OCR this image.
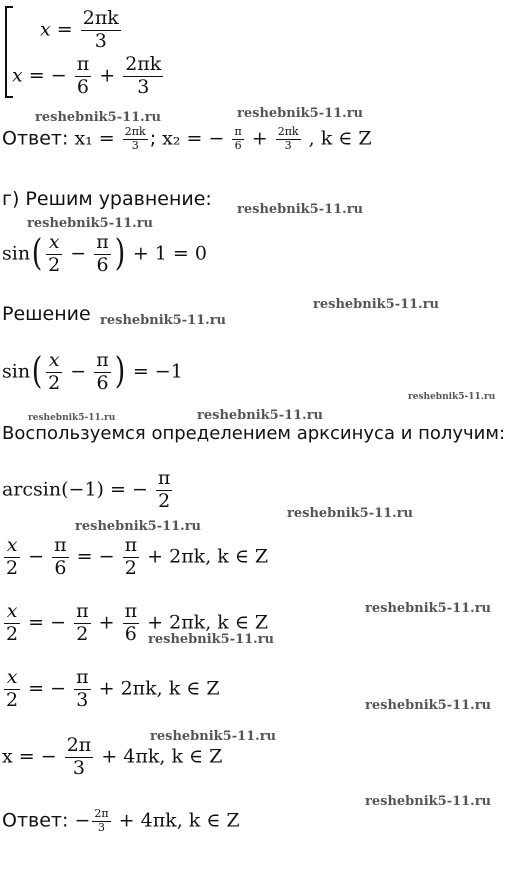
$x = \frac{2\pi k}{3}$
x = − $\frac{\pi}{6} + \frac{2\pi k}{3}$
reshebnik5-11.ru	reshebnik5-11.ru
Ответ: $x_1 = \frac{2\pi k}{3}$ ; x₂ = − $\frac{\pi}{6} + \frac{2\pi k}{3}$ , k ∈ Z
г) Решим уравнение: reshebnik5-11.ru
reshebnik5-11.ru
$\sin( \frac{x}{2} - \frac{\pi}{6}$ ) + 1 = 0
Решение reshebnik5-11.ru
reshebnik5-11.ru
$\sin( \frac{x}{2} - \frac{\pi}{6}$ ) = −1
reshebnik5-11.ru
reshebnik5-11.ru	reshebnik5-11.ru
Воспользуемся определением арксинуса и получим:
arcsin(−1) = − $\frac{\pi}{2}$
reshebnik5-11.ru
reshebnik5-11.ru
$\frac{x}{2} - \frac{\pi}{6}$ = − $\frac{\pi}{2} + 2\pi k$, k ∈ Z
$\frac{x}{2}$ = − $\frac{\pi}{2} + \frac{\pi}{6} + 2\pi k$, k ∈ Z
reshebnik5-11.ru
reshebnik5-11.ru
$\frac{x}{2}$ = − $\frac{\pi}{3} + 2\pi k$, k ∈ Z
reshebnik5-11.ru
reshebnik5-11.ru
x = − $\frac{2\pi}{3} + 4\pi k$, k ∈ Z
reshebnik5-11.ru
Ответ: − $\frac{2\pi}{3} + 4\pi k$, k ∈ Z
